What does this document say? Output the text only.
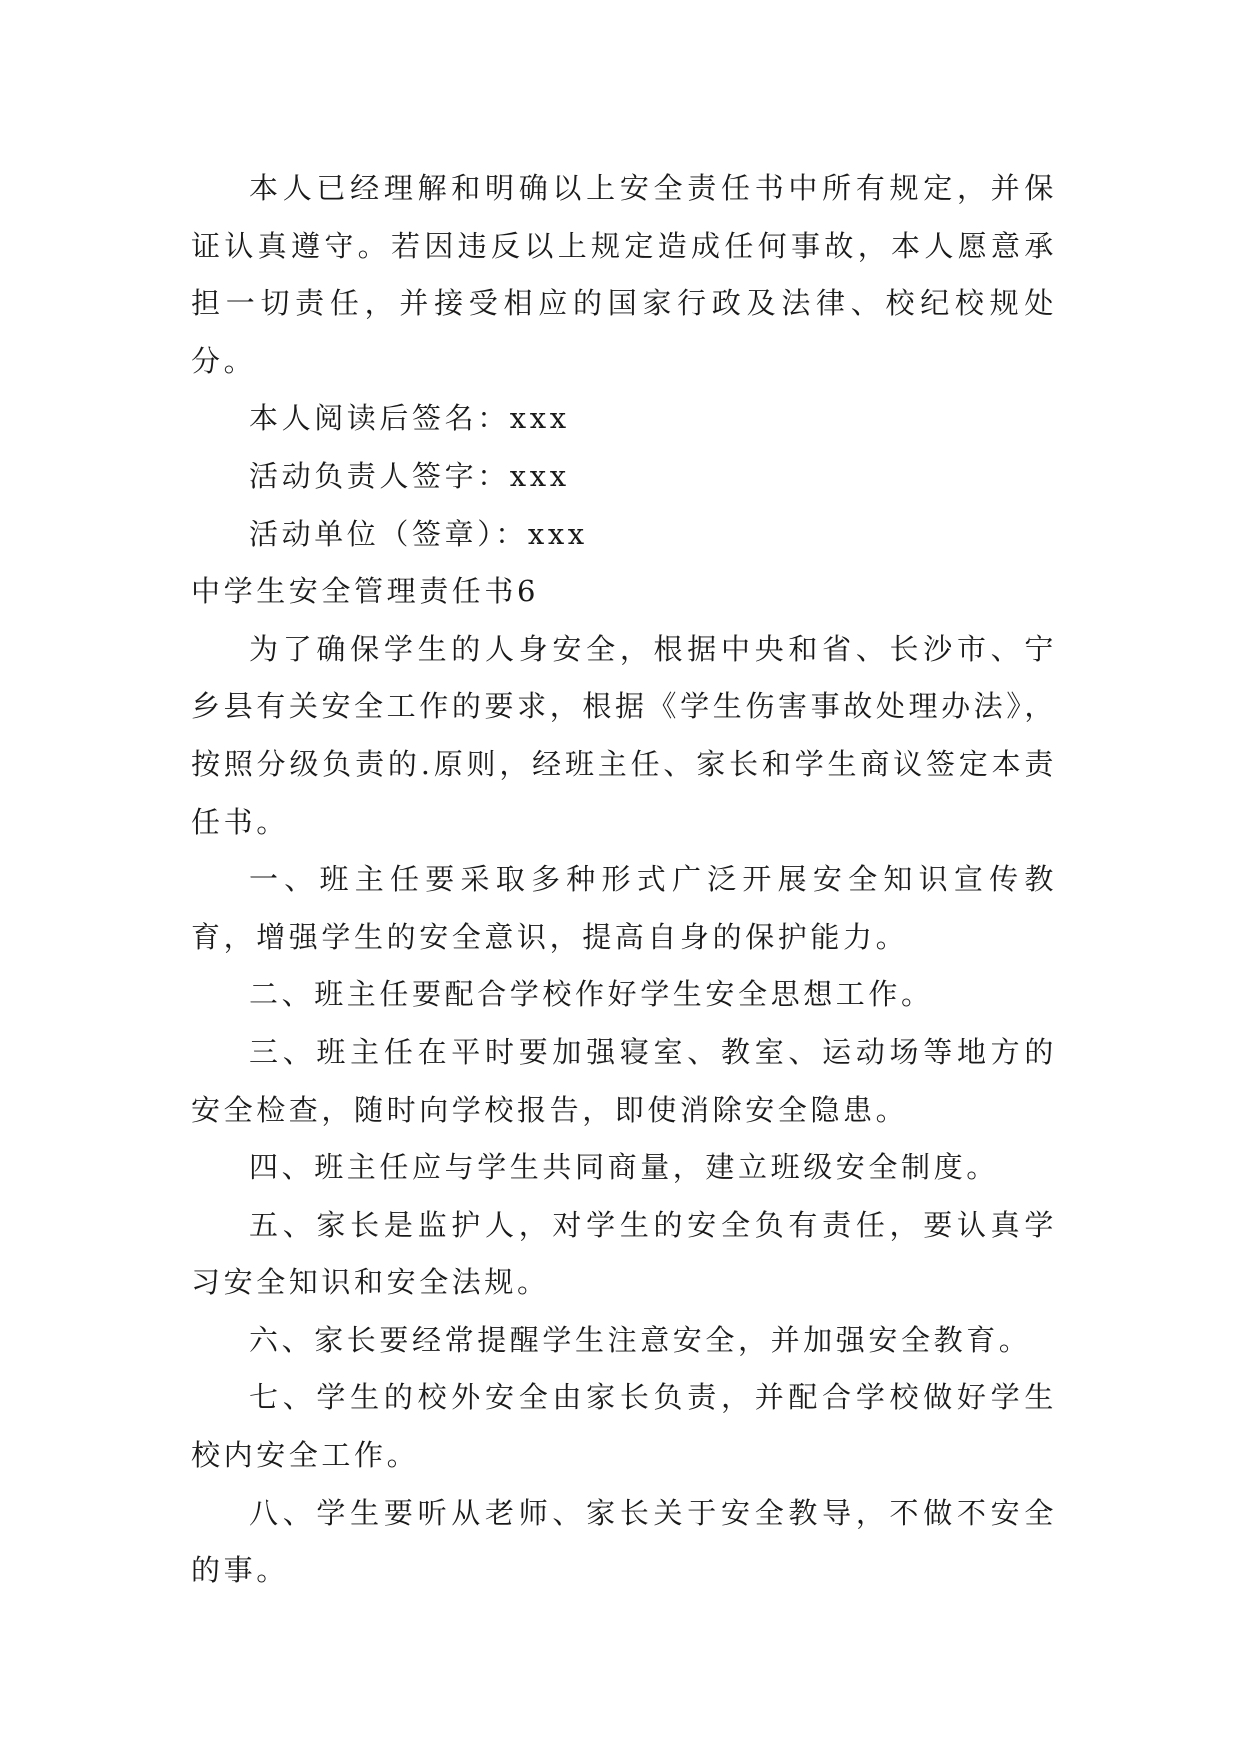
本人已经理解和明确以上安全责任书中所有规定，并保证认真遵守。若因违反以上规定造成任何事故，本人愿意承担一切责任，并接受相应的国家行政及法律、校纪校规处分。

本人阅读后签名：xxx

活动负责人签字：xxx

活动单位（签章）：xxx

中学生安全管理责任书6

为了确保学生的人身安全，根据中央和省、长沙市、宁乡县有关安全工作的要求，根据《学生伤害事故处理办法》，按照分级负责的.原则，经班主任、家长和学生商议签定本责任书。

一、班主任要采取多种形式广泛开展安全知识宣传教育，增强学生的安全意识，提高自身的保护能力。

二、班主任要配合学校作好学生安全思想工作。

三、班主任在平时要加强寝室、教室、运动场等地方的安全检查，随时向学校报告，即使消除安全隐患。

四、班主任应与学生共同商量，建立班级安全制度。

五、家长是监护人，对学生的安全负有责任，要认真学习安全知识和安全法规。

六、家长要经常提醒学生注意安全，并加强安全教育。

七、学生的校外安全由家长负责，并配合学校做好学生校内安全工作。

八、学生要听从老师、家长关于安全教导，不做不安全的事。
